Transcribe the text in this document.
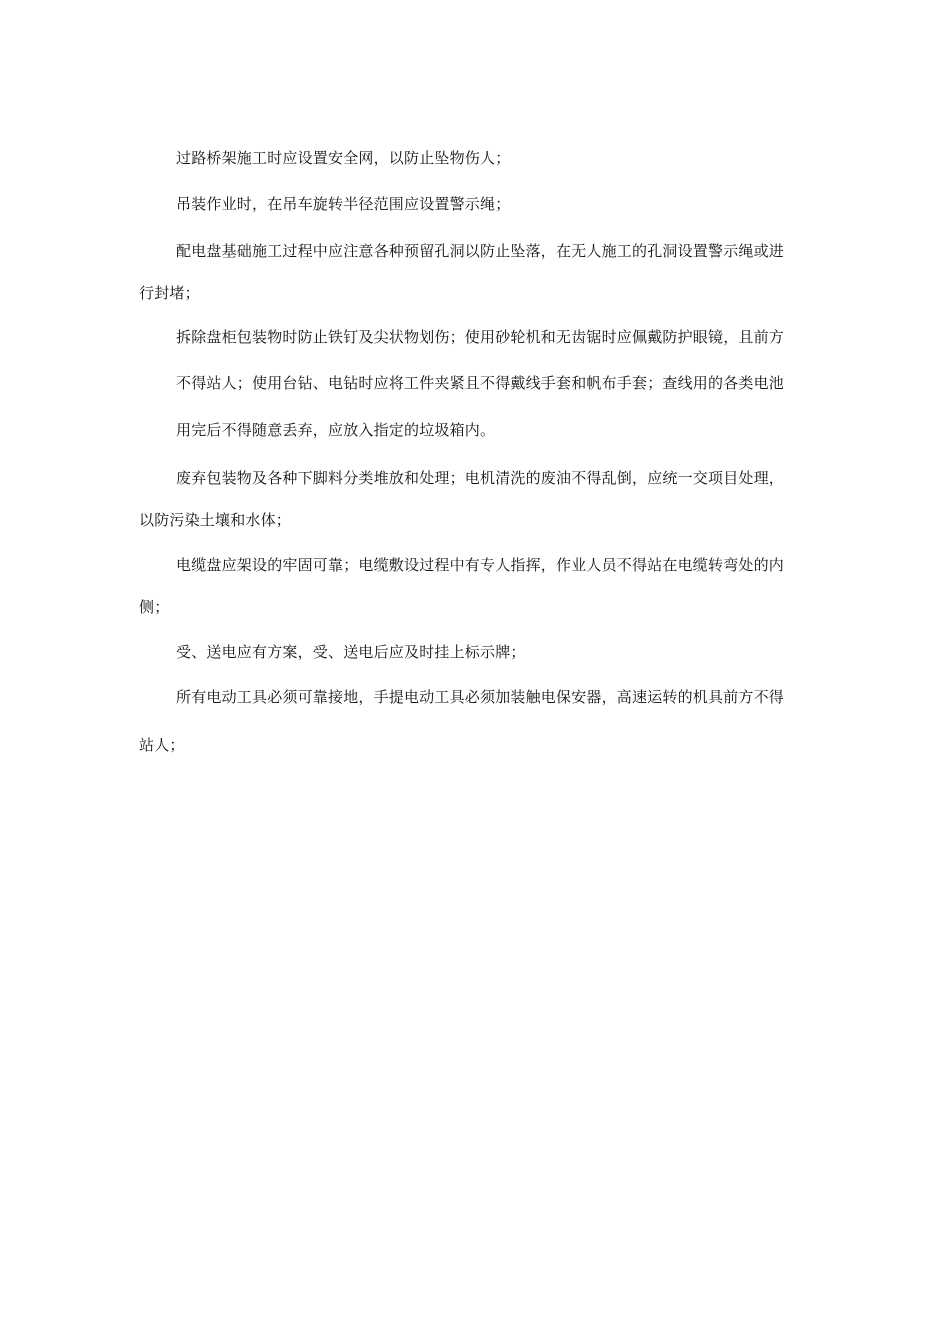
过路桥架施工时应设置安全网，以防止坠物伤人；
吊装作业时，在吊车旋转半径范围应设置警示绳；
配电盘基础施工过程中应注意各种预留孔洞以防止坠落，在无人施工的孔洞设置警示绳或进
行封堵；
拆除盘柜包装物时防止铁钉及尖状物划伤；使用砂轮机和无齿锯时应佩戴防护眼镜，且前方
不得站人；使用台钻、电钻时应将工件夹紧且不得戴线手套和帆布手套；查线用的各类电池
用完后不得随意丢弃，应放入指定的垃圾箱内。
废弃包装物及各种下脚料分类堆放和处理；电机清洗的废油不得乱倒，应统一交项目处理，
以防污染土壤和水体；
电缆盘应架设的牢固可靠；电缆敷设过程中有专人指挥，作业人员不得站在电缆转弯处的内
侧；
受、送电应有方案，受、送电后应及时挂上标示牌；
所有电动工具必须可靠接地，手提电动工具必须加装触电保安器，高速运转的机具前方不得
站人；
